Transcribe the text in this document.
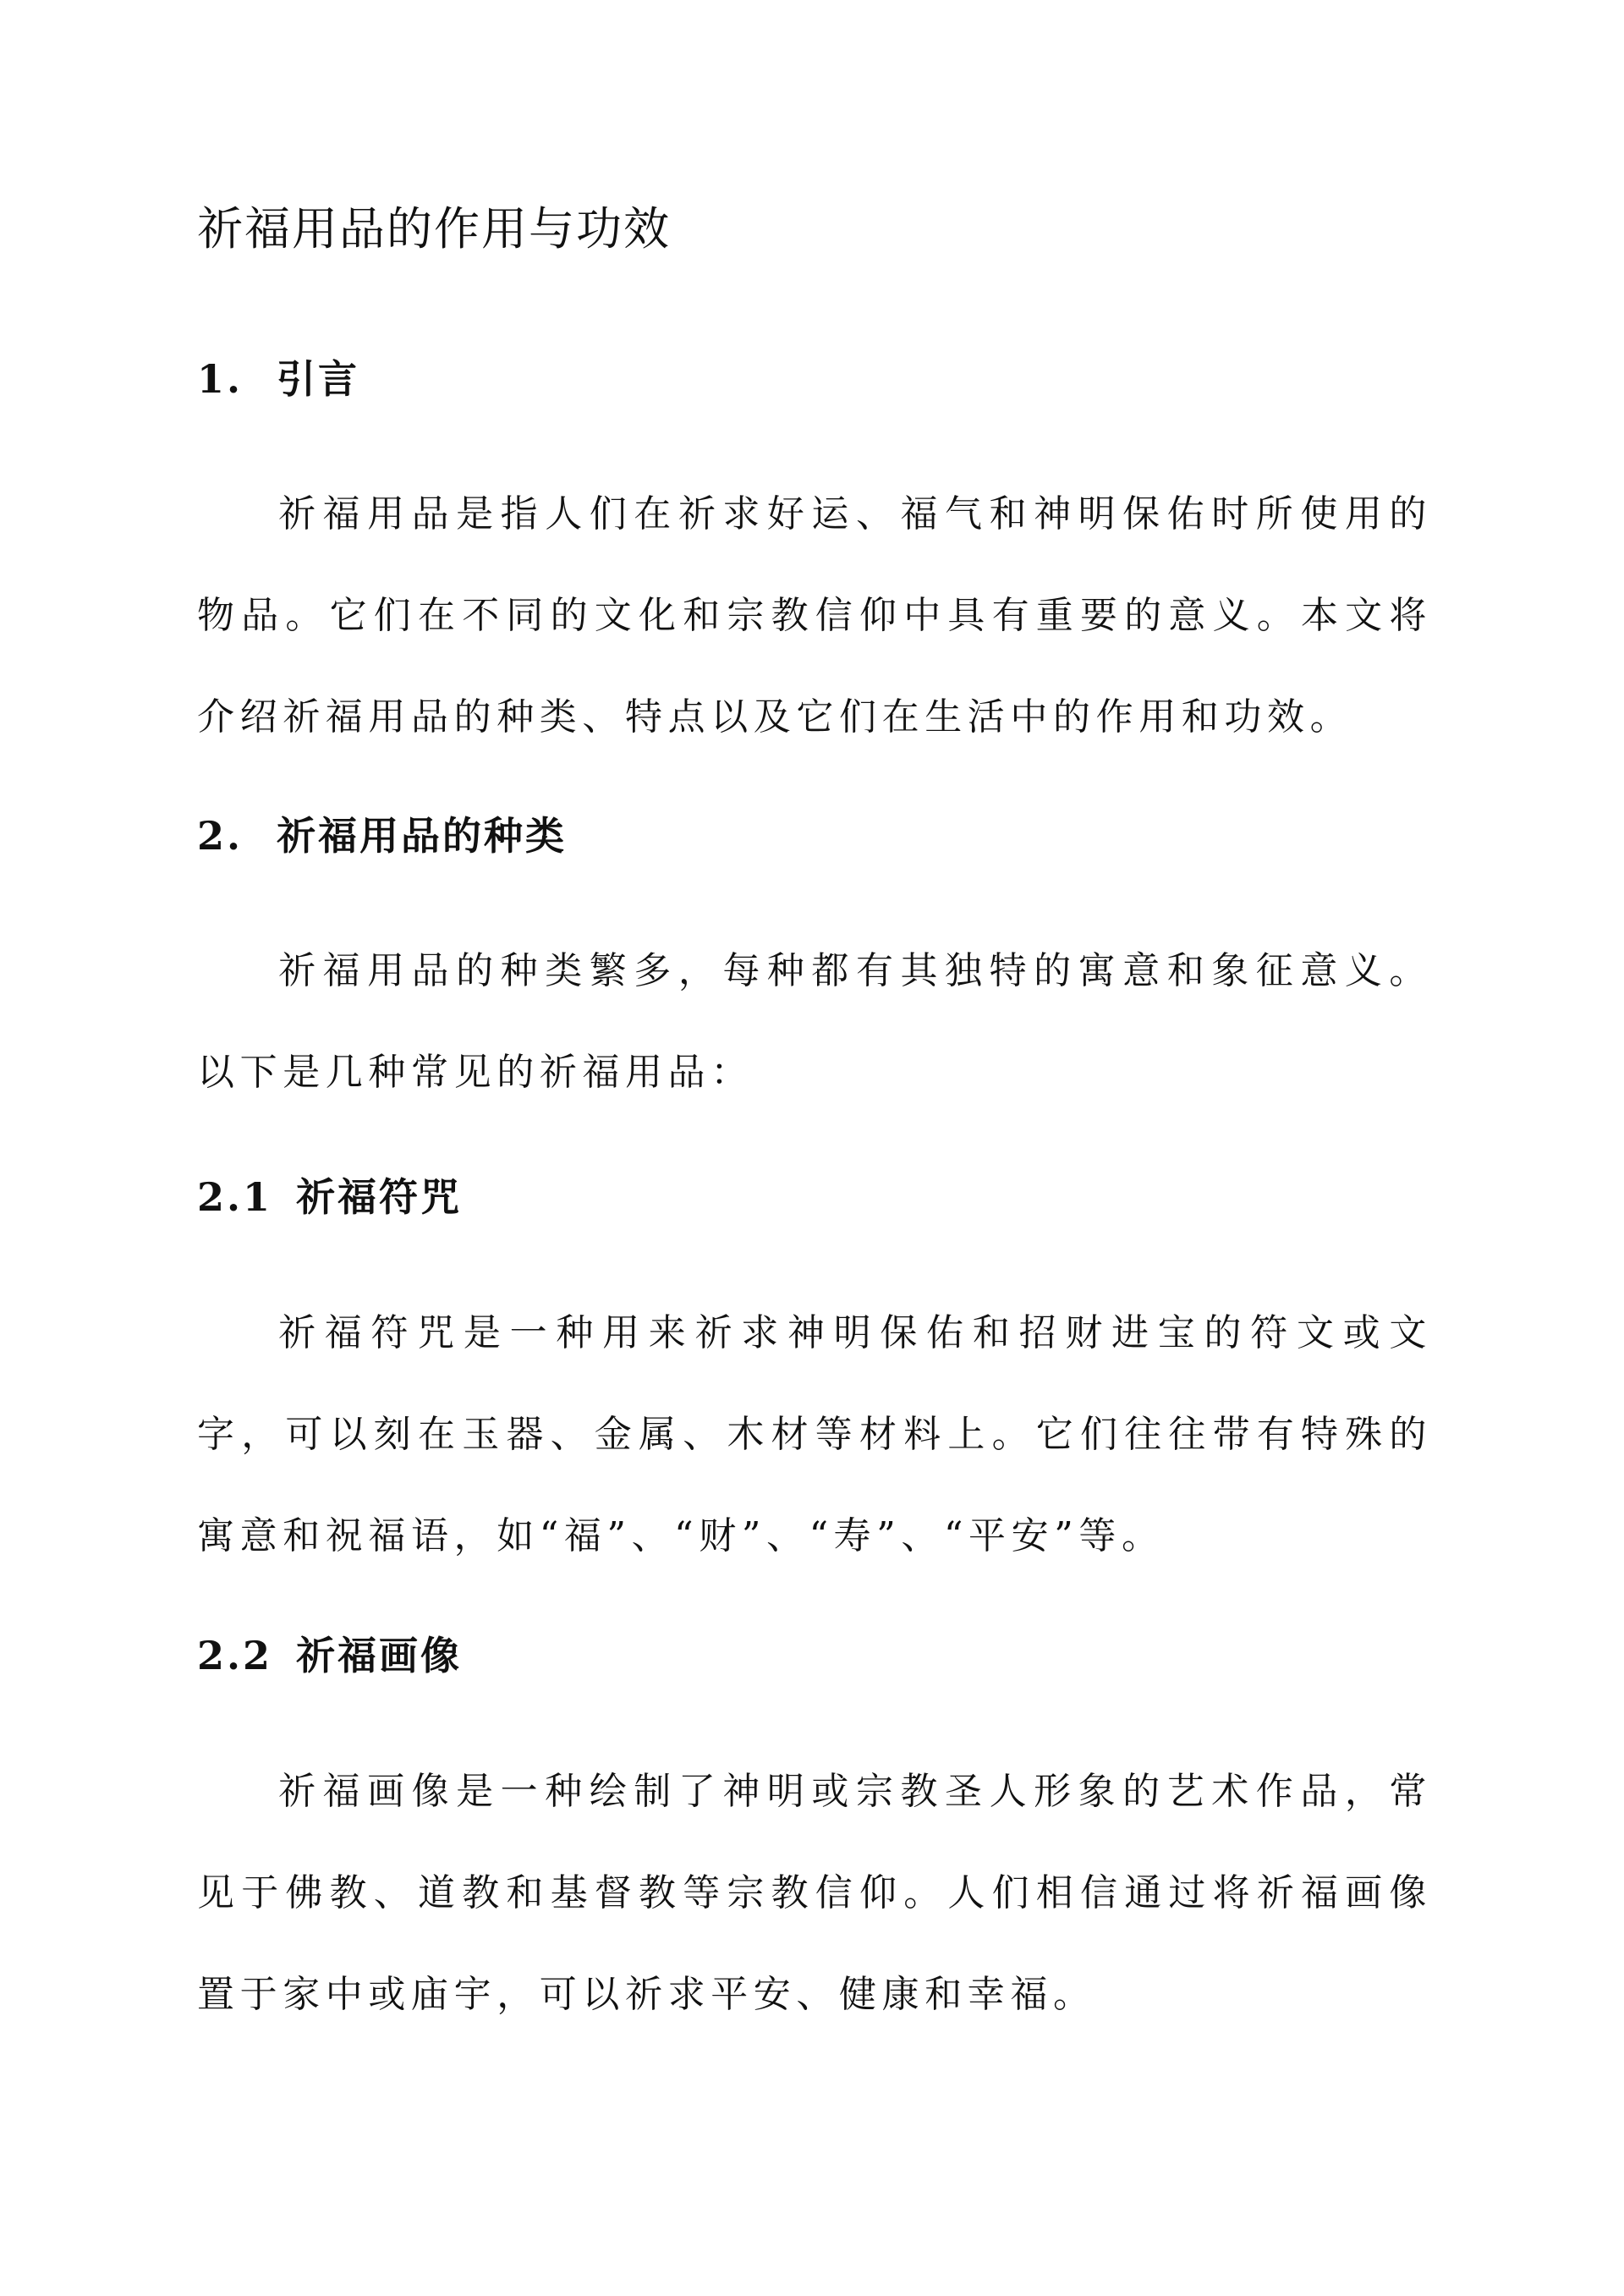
祈福用品的作用与功效
1. 引言

祈福用品是指人们在祈求好运、福气和神明保佑时所使用的物品。它们在不同的文化和宗教信仰中具有重要的意义。本文将介绍祈福用品的种类、特点以及它们在生活中的作用和功效。

2. 祈福用品的种类

祈福用品的种类繁多，每种都有其独特的寓意和象征意义。以下是几种常见的祈福用品：

2.1 祈福符咒

祈福符咒是一种用来祈求神明保佑和招财进宝的符文或文字，可以刻在玉器、金属、木材等材料上。它们往往带有特殊的寓意和祝福语，如“福”、“财”、“寿”、“平安”等。

2.2 祈福画像

祈福画像是一种绘制了神明或宗教圣人形象的艺术作品，常见于佛教、道教和基督教等宗教信仰。人们相信通过将祈福画像置于家中或庙宇，可以祈求平安、健康和幸福。
